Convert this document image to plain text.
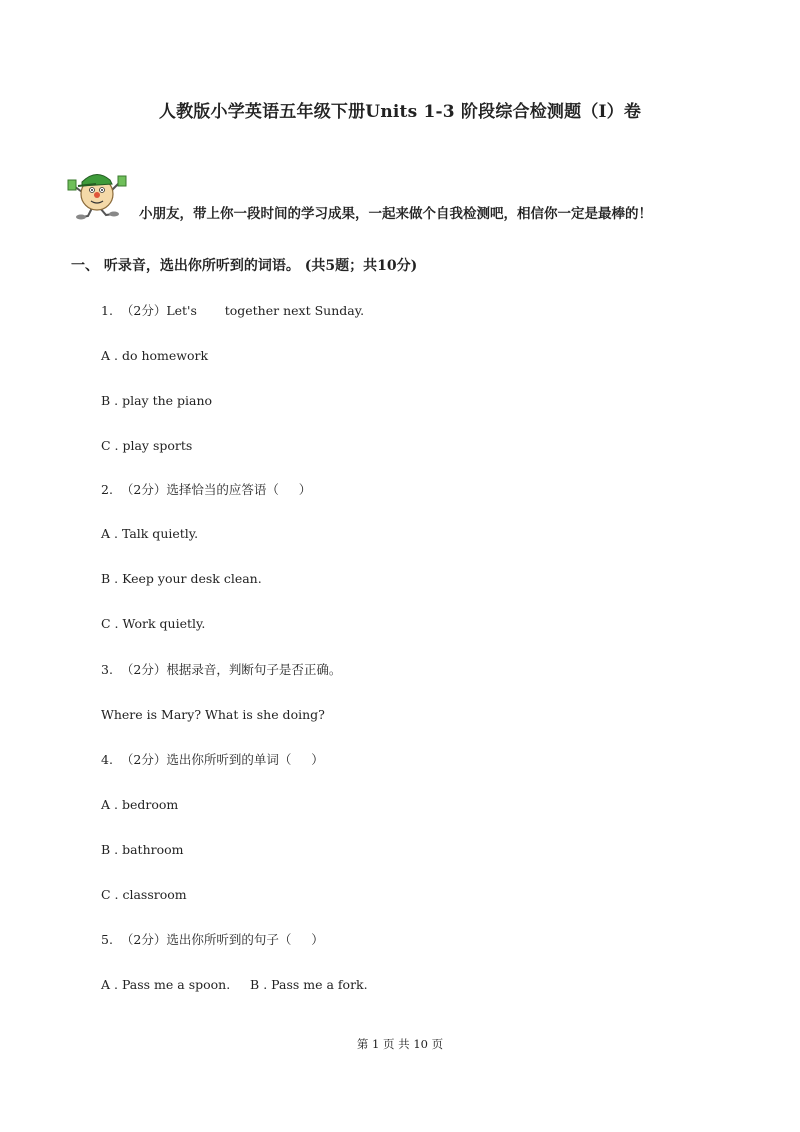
人教版小学英语五年级下册Units 1-3 阶段综合检测题（I）卷
小朋友，带上你一段时间的学习成果，一起来做个自我检测吧，相信你一定是最棒的！
一、 听录音，选出你所听到的词语。 (共5题；共10分)
1.  （2分）Let's       together next Sunday.
A . do homework
B . play the piano
C . play sports
2.  （2分）选择恰当的应答语（     ）
A . Talk quietly.
B . Keep your desk clean.
C . Work quietly.
3.  （2分）根据录音，判断句子是否正确。
Where is Mary? What is she doing?
4.  （2分）选出你所听到的单词（     ）
A . bedroom
B . bathroom
C . classroom
5.  （2分）选出你所听到的句子（     ）
A . Pass me a spoon.     B . Pass me a fork.
第 1 页 共 10 页
